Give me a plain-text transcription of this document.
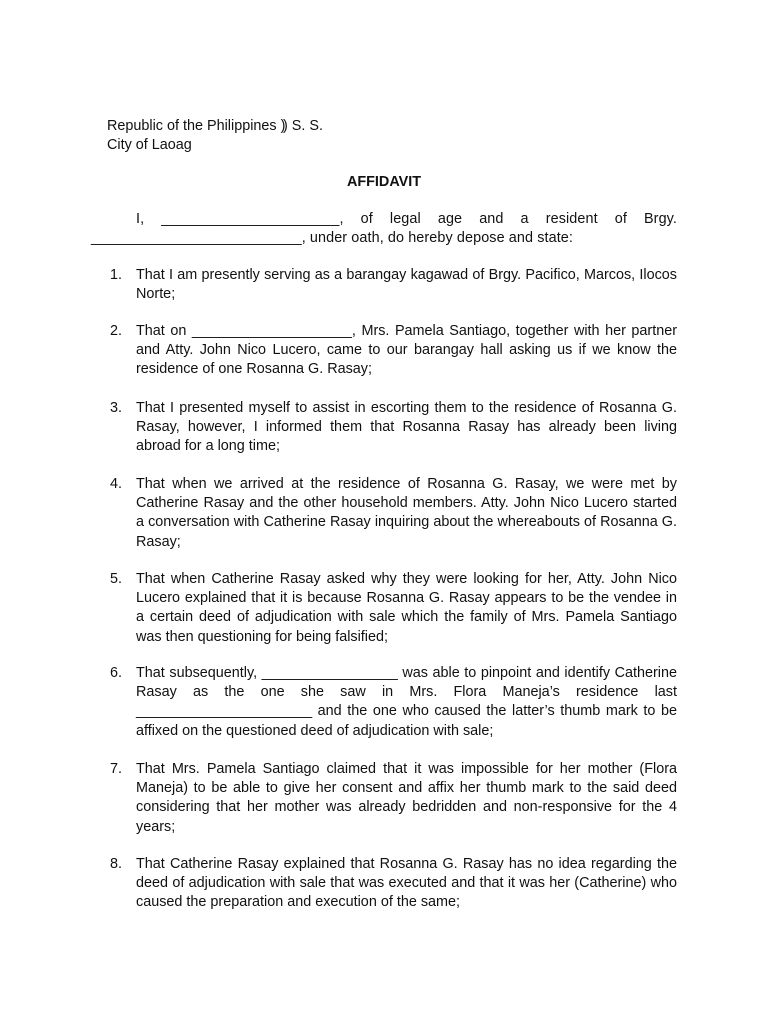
Republic of the Philippines )

City of Laoag

) S. S.

AFFIDAVIT
I, ______________________, of legal age and a resident of Brgy. __________________________, under oath, do hereby depose and state:
1. That I am presently serving as a barangay kagawad of Brgy. Pacifico, Marcos, Ilocos Norte;
2. That on ____________________, Mrs. Pamela Santiago, together with her partner and Atty. John Nico Lucero, came to our barangay hall asking us if we know the residence of one Rosanna G. Rasay;
3. That I presented myself to assist in escorting them to the residence of Rosanna G. Rasay, however, I informed them that Rosanna Rasay has already been living abroad for a long time;
4. That when we arrived at the residence of Rosanna G. Rasay, we were met by Catherine Rasay and the other household members. Atty. John Nico Lucero started a conversation with Catherine Rasay inquiring about the whereabouts of Rosanna G. Rasay;
5. That when Catherine Rasay asked why they were looking for her, Atty. John Nico Lucero explained that it is because Rosanna G. Rasay appears to be the vendee in a certain deed of adjudication with sale which the family of Mrs. Pamela Santiago was then questioning for being falsified;
6. That subsequently, _________________ was able to pinpoint and identify Catherine Rasay as the one she saw in Mrs. Flora Maneja’s residence last ______________________ and the one who caused the latter’s thumb mark to be affixed on the questioned deed of adjudication with sale;
7. That Mrs. Pamela Santiago claimed that it was impossible for her mother (Flora Maneja) to be able to give her consent and affix her thumb mark to the said deed considering that her mother was already bedridden and non-responsive for the 4 years;
8. That Catherine Rasay explained that Rosanna G. Rasay has no idea regarding the deed of adjudication with sale that was executed and that it was her (Catherine) who caused the preparation and execution of the same;
